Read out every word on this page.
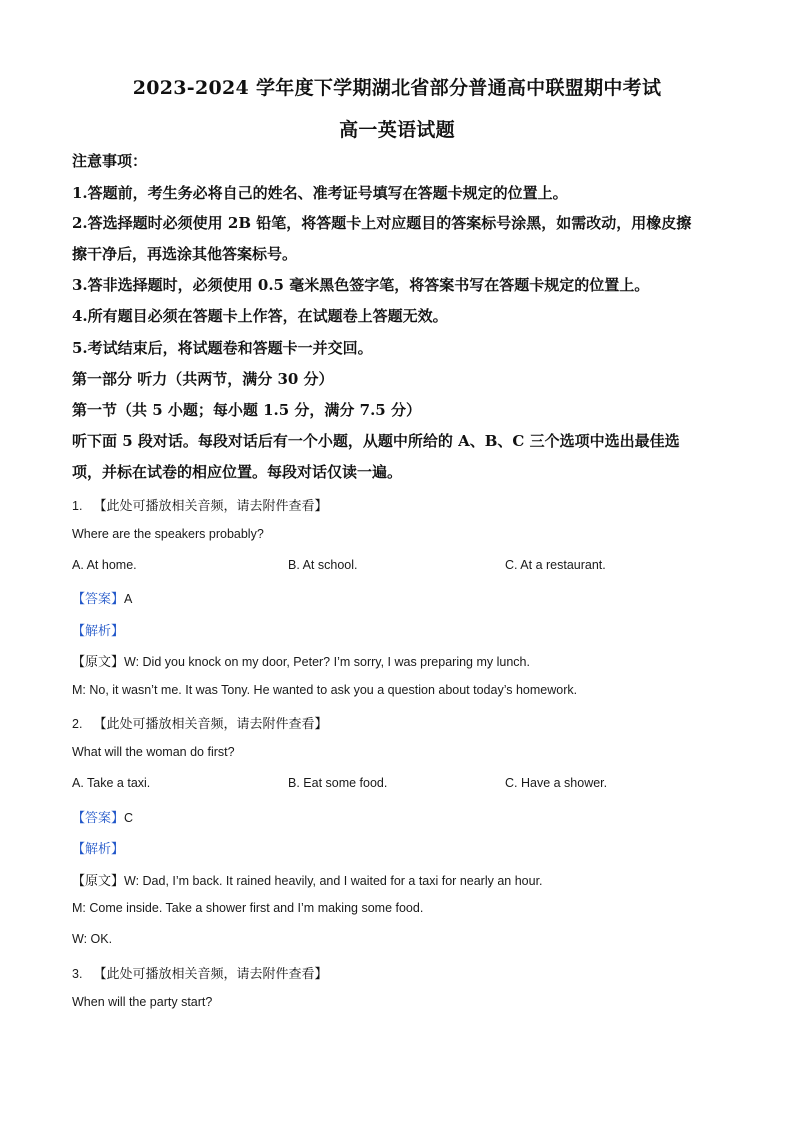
2023-2024 学年度下学期湖北省部分普通高中联盟期中考试
高一英语试题
注意事项：
1.答题前，考生务必将自己的姓名、准考证号填写在答题卡规定的位置上。
2.答选择题时必须使用 2B 铅笔，将答题卡上对应题目的答案标号涂黑，如需改动，用橡皮擦
擦干净后，再选涂其他答案标号。
3.答非选择题时，必须使用 0.5 毫米黑色签字笔，将答案书写在答题卡规定的位置上。
4.所有题目必须在答题卡上作答，在试题卷上答题无效。
5.考试结束后，将试题卷和答题卡一并交回。
第一部分 听力（共两节，满分 30 分）
第一节（共 5 小题；每小题 1.5 分，满分 7.5 分）
听下面 5 段对话。每段对话后有一个小题，从题中所给的 A、B、C 三个选项中选出最佳选
项，并标在试卷的相应位置。每段对话仅读一遍。
1. 【此处可播放相关音频，请去附件查看】
Where are the speakers probably?
A. At home.	B. At school.	C. At a restaurant.
【答案】A
【解析】
【原文】W: Did you knock on my door, Peter? I’m sorry, I was preparing my lunch.
M: No, it wasn’t me. It was Tony. He wanted to ask you a question about today’s homework.
2. 【此处可播放相关音频，请去附件查看】
What will the woman do first?
A. Take a taxi.	B. Eat some food.	C. Have a shower.
【答案】C
【解析】
【原文】W: Dad, I’m back. It rained heavily, and I waited for a taxi for nearly an hour.
M: Come inside. Take a shower first and I’m making some food.
W: OK.
3. 【此处可播放相关音频，请去附件查看】
When will the party start?
